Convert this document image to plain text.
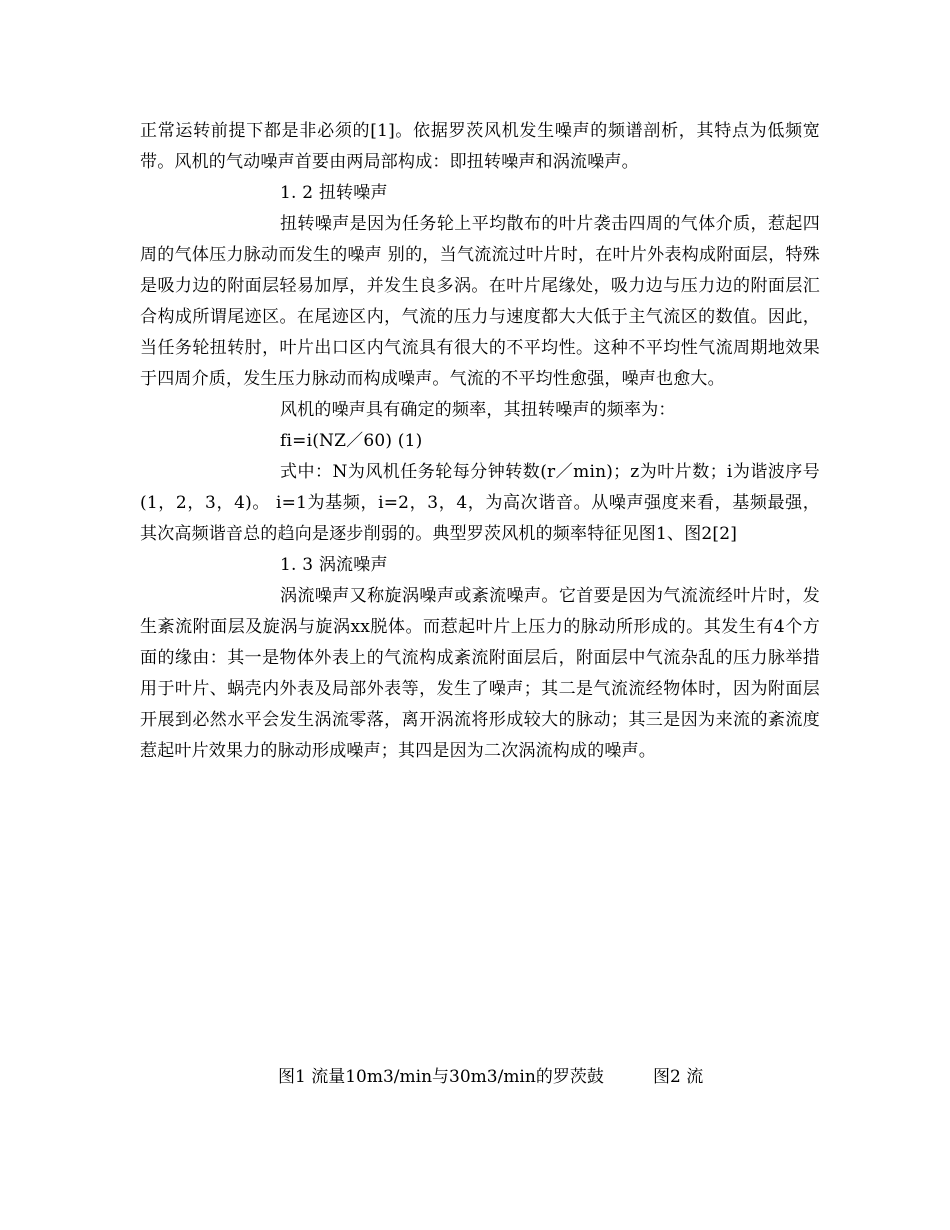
正常运转前提下都是非必须的[1]。依据罗茨风机发生噪声的频谱剖析，其特点为低频宽带。风机的气动噪声首要由两局部构成：即扭转噪声和涡流噪声。

1. 2 扭转噪声

扭转噪声是因为任务轮上平均散布的叶片袭击四周的气体介质，惹起四周的气体压力脉动而发生的噪声 别的，当气流流过叶片时，在叶片外表构成附面层，特殊是吸力边的附面层轻易加厚，并发生良多涡。在叶片尾缘处，吸力边与压力边的附面层汇合构成所谓尾迹区。在尾迹区内，气流的压力与速度都大大低于主气流区的数值。因此，当任务轮扭转肘，叶片出口区内气流具有很大的不平均性。这种不平均性气流周期地效果于四周介质，发生压力脉动而构成噪声。气流的不平均性愈强，噪声也愈大。

风机的噪声具有确定的频率，其扭转噪声的频率为：

fi=i(NZ／60) (1)

式中：N为风机任务轮每分钟转数(r／min)；z为叶片数；i为谐波序号(1，2，3，4)。 i=1为基频，i=2，3，4，为高次谐音。从噪声强度来看，基频最强，其次高频谐音总的趋向是逐步削弱的。典型罗茨风机的频率特征见图1、图2[2]

1. 3 涡流噪声

涡流噪声又称旋涡噪声或紊流噪声。它首要是因为气流流经叶片时，发生紊流附面层及旋涡与旋涡xx脱体。而惹起叶片上压力的脉动所形成的。其发生有4个方面的缘由：其一是物体外表上的气流构成紊流附面层后，附面层中气流杂乱的压力脉举措用于叶片、蜗壳内外表及局部外表等，发生了噪声；其二是气流流经物体时，因为附面层开展到必然水平会发生涡流零落，离开涡流将形成较大的脉动；其三是因为来流的紊流度惹起叶片效果力的脉动形成噪声；其四是因为二次涡流构成的噪声。

图1 流量10m3/min与30m3/min的罗茨鼓	图2 流
